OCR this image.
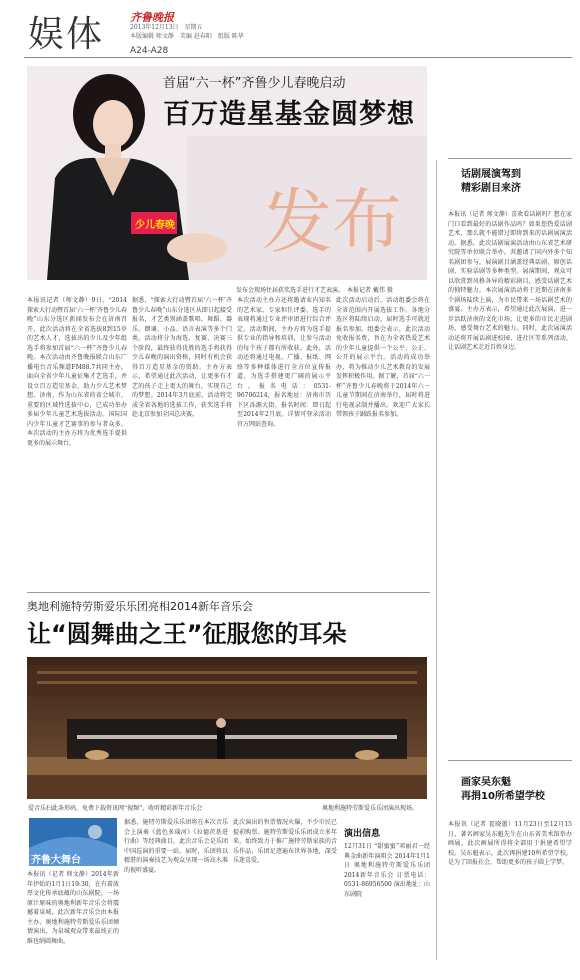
娱体 齐鲁晚报
2013年12月13日　星期五
本版编辑 师文静　美编 赵春阳　组版 陈华
A24-A28
发布
少儿春晚
首届“六一杯”齐鲁少儿春晚启动
百万造星基金圆梦想
发布会现场往届获奖选手进行才艺表演。　本报记者 戴伟 摄
本报讯记者（师文静）9日，“2014探索大行动暨首届‘六一杯’齐鲁少儿春晚”山东分选区新闻发布会在济南召开，此次活动将在全省选拔8到15岁的艺术人才，选拔出的少儿及少年组选手将参加首届“六一杯”齐鲁少儿春晚。本次活动由齐鲁晚报联合山东广播电台音乐频道FM88.7共同主办，面向全省少年儿童征集才艺选手，并设立百万造星基金，助力少儿艺术梦想。济南、作为山东省的省会城市，重要的区域性选拔中心，已成功举办多届少年儿童艺术选拔活动。国际国内少年儿童才艺赛事的参与者众多，本次活动的主办方将为优秀选手提供更多的展示舞台。
据悉，“探索大行动暨首届‘六一杯’齐鲁少儿春晚”山东分选区从即日起接受报名，才艺类别涵盖歌唱、舞蹈、器乐、朗诵、小品、语言表演等多个门类。活动将分为海选、复赛、决赛三个阶段，最终获得优胜的选手将获得少儿春晚的演出资格，同时有机会获得百万造星基金的资助。主办方表示，希望通过此次活动，让更多有才艺的孩子走上更大的舞台，实现自己的梦想。2014年3月底前，活动将完成全省各地的选拔工作，获奖选手将赴北京参加全国总决赛。
本次活动主办方还将邀请业内知名的艺术家、专家担任评委，选手的表现将通过专业评审团进行综合评定。活动期间，主办方将为选手提供专业的指导和培训，让参与活动的每个孩子都有所收获。此外，活动还将通过电视、广播、报纸、网络等多种媒体进行全方位宣传报道，为选手搭建更广阔的展示平台。报名电话：0531-96706214，报名地址：济南市历下区泺源大街、报名时间：即日起至2014年2月底。详情可登录活动官方网站查询。
此次活动启动后，活动组委会将在全省范围内开展选拔工作。各地分选区将陆续启动，届时选手可就近报名参加。组委会表示，此次活动免收报名费，旨在为全省热爱艺术的少年儿童提供一个公平、公正、公开的展示平台。活动的成功举办，将为推动少儿艺术教育的发展发挥积极作用。据了解，首届“六一杯”齐鲁少儿春晚将于2014年六一儿童节期间在济南举行，届时将进行电视录制并播出。欢迎广大家长带领孩子踊跃报名参加。
话剧展演驾到
精彩剧目来济
本报讯（记者 师文静）喜欢看话剧吗？想在家门口看到最好的话剧作品吗？如果您热爱话剧艺术，那么就不能错过即将到来的话剧展演活动。据悉，此次话剧展演活动由山东省艺术研究院等单位联合举办，共邀请了国内外多个知名剧团参与，展演剧目涵盖经典话剧、原创话剧、实验话剧等多种类型。展演期间，观众可以欣赏到风格各异的精彩剧目，感受话剧艺术的独特魅力。本次展演活动将于近期在济南多个剧场陆续上演，为市民带来一场话剧艺术的盛宴。主办方表示，希望通过此次展演，进一步活跃济南的文化市场，让更多的市民走进剧场，感受舞台艺术的魅力。同时，此次展演活动还将开展话剧进校园、进社区等系列活动，让话剧艺术走近百姓身边。
画家吴东魁
再捐10所希望学校
本报讯（记者 霍晓蕙）11月23日至12月15日，著名画家吴东魁先生在山东省美术馆举办画展，此次画展所得将全部用于捐建希望学校。吴东魁表示，此次再捐建10所希望学校，是为了回报社会，帮助更多的孩子圆上学梦。
奥地利施特劳斯爱乐乐团亮相2014新年音乐会
让“圆舞曲之王”征服您的耳朵
爱音乐扫此条形码，免费下载资讯网“视频”，收听精彩新年音乐会	奥地利施特劳斯爱乐乐团演出现场。
齐鲁大舞台
本报讯（记者 师文静）2014年新年伊始的1月1日19:30，在有着浓厚文化传承底蕴的山东剧院，一场原汁原味的奥地利新年音乐会将震撼着泉城。此次新年音乐会由本报主办、奥地利施特劳斯爱乐乐团倾情演出，为泉城观众带来最纯正的维也纳圆舞曲。
据悉，施特劳斯爱乐乐团将在本次音乐会上演奏《蓝色多瑙河》《拉德茨基进行曲》等经典曲目。此次音乐会是乐团中国巡演的重要一站，届时，乐团将以精湛的演奏技艺为观众呈现一场高水准的视听盛宴。
此次演出的售票情况火爆，不少市民已提前购票。施特劳斯爱乐乐团成立多年来，始终致力于推广施特劳斯家族的音乐作品，乐团足迹遍布世界各地，深受乐迷喜爱。
演出信息
12月31日 “甜蜜蜜”邓丽君一经典金曲新年演唱会 2014年1月1日 奥地利施特劳斯爱乐乐团2014新年音乐会 订票电话：0531-86956500 演出地址：山东剧院
